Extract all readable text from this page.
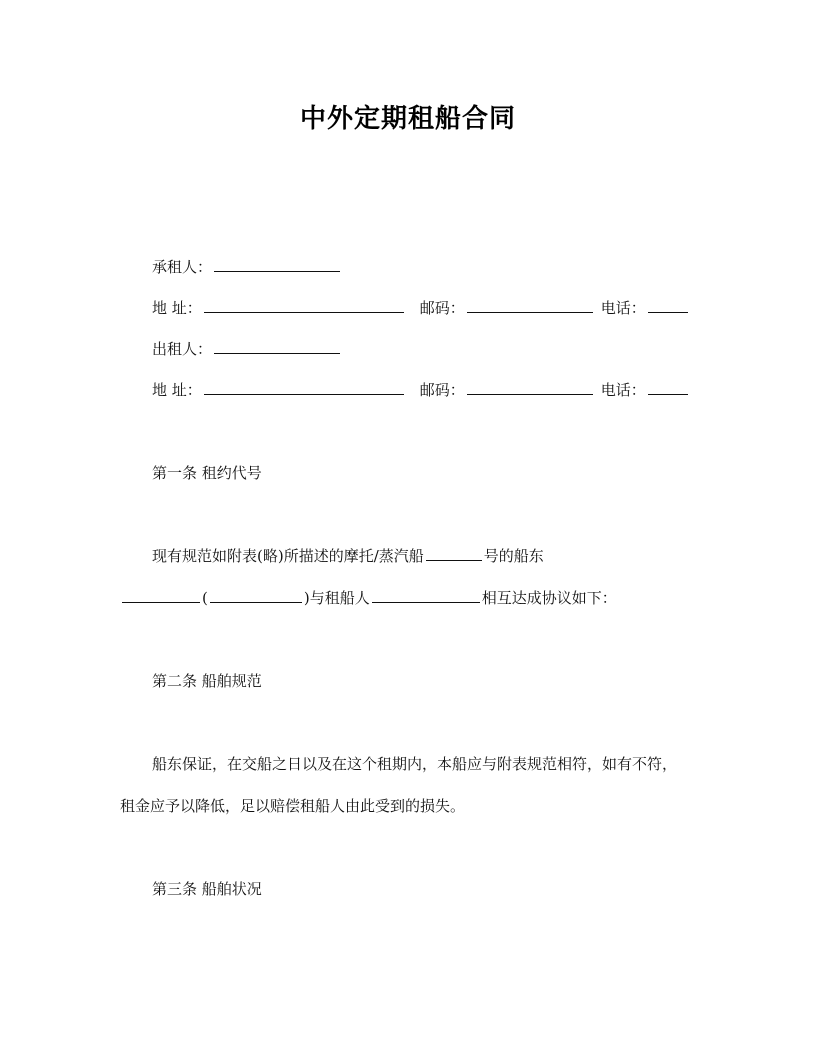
中外定期租船合同
承租人：
地 址：	邮码：	电话：
出租人：
地 址：	邮码：	电话：
第一条 租约代号
现有规范如附表(略)所描述的摩托/蒸汽船	号的船东
(	)与租船人	相互达成协议如下：
第二条 船舶规范
船东保证，在交船之日以及在这个租期内，本船应与附表规范相符，如有不符，
租金应予以降低，足以赔偿租船人由此受到的损失。
第三条 船舶状况
